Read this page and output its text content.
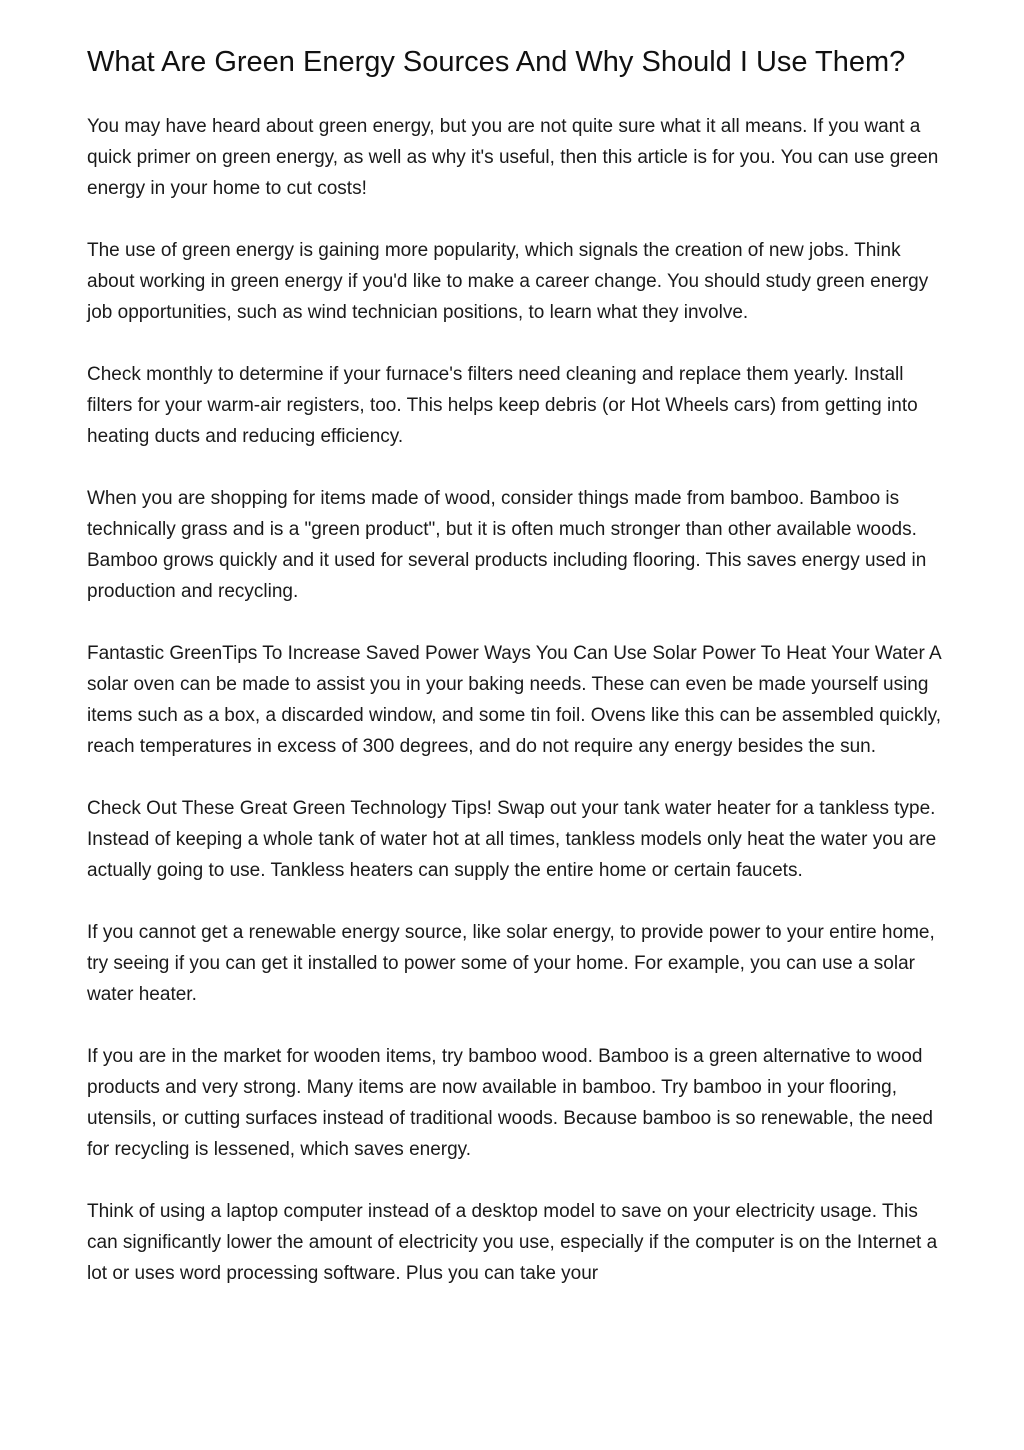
What Are Green Energy Sources And Why Should I Use Them?

You may have heard about green energy, but you are not quite sure what it all means. If you want a quick primer on green energy, as well as why it's useful, then this article is for you. You can use green energy in your home to cut costs!

The use of green energy is gaining more popularity, which signals the creation of new jobs. Think about working in green energy if you'd like to make a career change. You should study green energy job opportunities, such as wind technician positions, to learn what they involve.

Check monthly to determine if your furnace's filters need cleaning and replace them yearly. Install filters for your warm-air registers, too. This helps keep debris (or Hot Wheels cars) from getting into heating ducts and reducing efficiency.

When you are shopping for items made of wood, consider things made from bamboo. Bamboo is technically grass and is a "green product", but it is often much stronger than other available woods. Bamboo grows quickly and it used for several products including flooring. This saves energy used in production and recycling.

Fantastic GreenTips To Increase Saved Power Ways You Can Use Solar Power To Heat Your Water A solar oven can be made to assist you in your baking needs. These can even be made yourself using items such as a box, a discarded window, and some tin foil. Ovens like this can be assembled quickly, reach temperatures in excess of 300 degrees, and do not require any energy besides the sun.

Check Out These Great Green Technology Tips! Swap out your tank water heater for a tankless type. Instead of keeping a whole tank of water hot at all times, tankless models only heat the water you are actually going to use. Tankless heaters can supply the entire home or certain faucets.

If you cannot get a renewable energy source, like solar energy, to provide power to your entire home, try seeing if you can get it installed to power some of your home. For example, you can use a solar water heater.

If you are in the market for wooden items, try bamboo wood. Bamboo is a green alternative to wood products and very strong. Many items are now available in bamboo. Try bamboo in your flooring, utensils, or cutting surfaces instead of traditional woods. Because bamboo is so renewable, the need for recycling is lessened, which saves energy.

Think of using a laptop computer instead of a desktop model to save on your electricity usage. This can significantly lower the amount of electricity you use, especially if the computer is on the Internet a lot or uses word processing software. Plus you can take your
